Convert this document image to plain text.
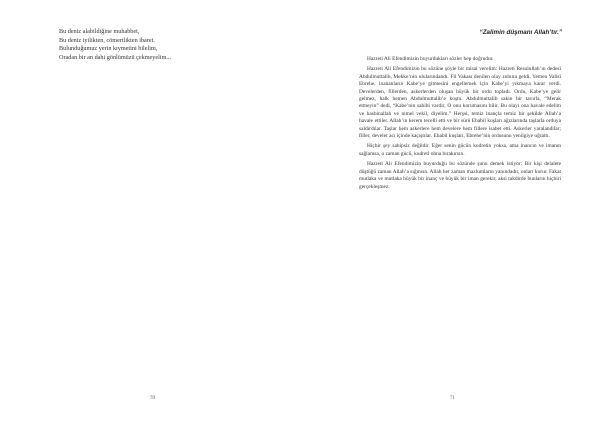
Bu deniz alabildiğine muhabbet,
Bu deniz iyilikten, cömertlikten ibaret.
Bulunduğumuz yerin kıymetini bilelim,
Oradan bir an dahi gönlümüzü çekmeyelim...
70
“Zalimin düşmanı Allah’tır.”

Hazreti Ali Efendimizin buyurdukları sözler hep doğrudur.

Hazreti Ali Efendimizin bu sözüne şöyle bir misal verelim: Hazreti Resulullah’ın dedesi Abdulmuttalib, Mekke’nin ulularındandı. Fil Vakası denilen olay zuhura geldi. Yemen Valisi Ebrehe, inananların Kabe’ye gitmesini engellemek için Kabe’yi yıkmaya karar verdi. Develerden, fillerden, askerlerden oluşan büyük bir ordu topladı. Ordu, Kabe’ye gelir gelmez, halk hemen Abdulmuttalib’e koştu. Abdulmuttalib sakin bir tavırla, “Merak etmeyin” dedi, “Kabe’nin sahibi vardır, O onu korumasını bilir. Bu olayı ona havale edelim ve hasbinallah ve nimel vekil, diyelim.” Herşsi, temiz inançla temiz bir şekilde Allah’a havale ettiler. Allah’ın kerem tecelli etti ve bir sürü Ebabil kuşları ağızlarında taşlarla orduya saldırdılar. Taşlar hem askerlere hem develere hem fillere isabet etti. Askerler yaralandılar; filler, develer acı içinde kaçıştılar. Ebabil kuşları, Ebrehe’nin ordusunu yenilgiye uğrattı.

Hiçbir şey sahipsiz değildir. Eğer senin gücün kudretin yoksa, ama inancın ve imanın sağlamsa, o zaman gücü, kudreti ohna bırakırsın.

Hazreti Ali Efendimizin buyurduğu bu sözünde şunu demek istiyor; Bir kişi delalete düştüğü zaman Allah’a sığınsın. Allah her zaman mazlumların yanındadır, onları korur. Fakat mutlaka ve mutlaka büyük bir inanç ve büyük bir iman gerekir, aksi takdirde bunların hiçbiri gerçekleşmez.

71
